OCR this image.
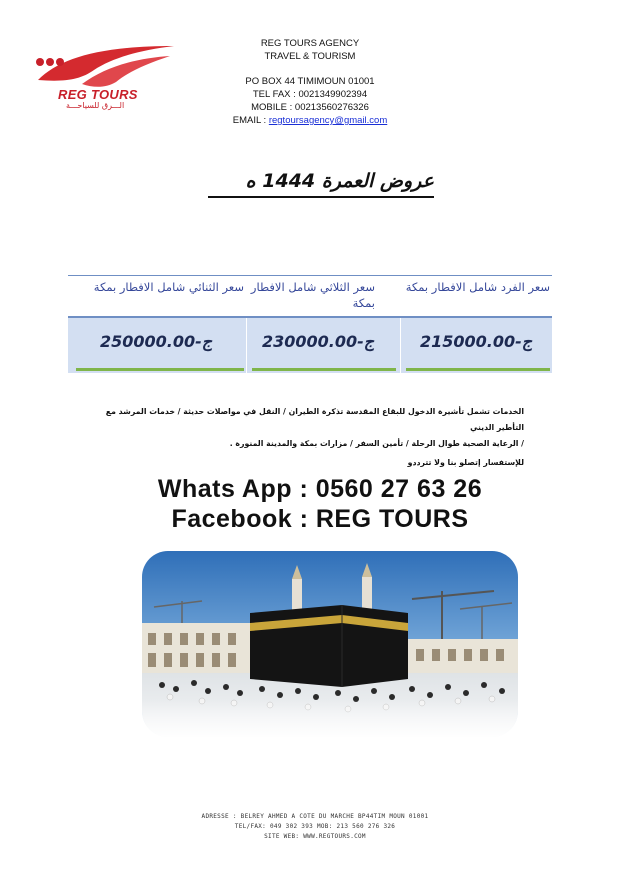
REG TOURS
الـــرق للسياحـــة
REG TOURS AGENCY
TRAVEL & TOURISM
PO BOX 44 TIMIMOUN 01001
TEL FAX : 0021349902394
MOBILE : 00213560276326
EMAIL : regtoursagency@gmail.com
عروض العمرة 1444 ه
سعر الفرد شامل الافطار بمكة
سعر الثلاثي شامل الافطار بمكة
سعر الثنائي شامل الافطار بمكة
215000.00-ج
230000.00-ج
250000.00-ج
الخدمات تشمل تأشيرة الدخول للبقاع المقدسة تذكرة الطيران / النقل في مواصلات حديثة / خدمات المرشد مع التأطير الديني
/ الرعاية الصحية طوال الرحلة / تأمين السفر / مزارات بمكة والمدينة المنورة .
للإستفسار إتصلو بنا ولا تترددو
Whats App : 0560 27 63 26
Facebook : REG TOURS
ADRESSE : BELREY AHMED A COTE DU MARCHE BP44TIM MOUN 01001
TEL/FAX: 049 302 393 MOB: 213 560 276 326
SITE WEB: WWW.REGTOURS.COM
